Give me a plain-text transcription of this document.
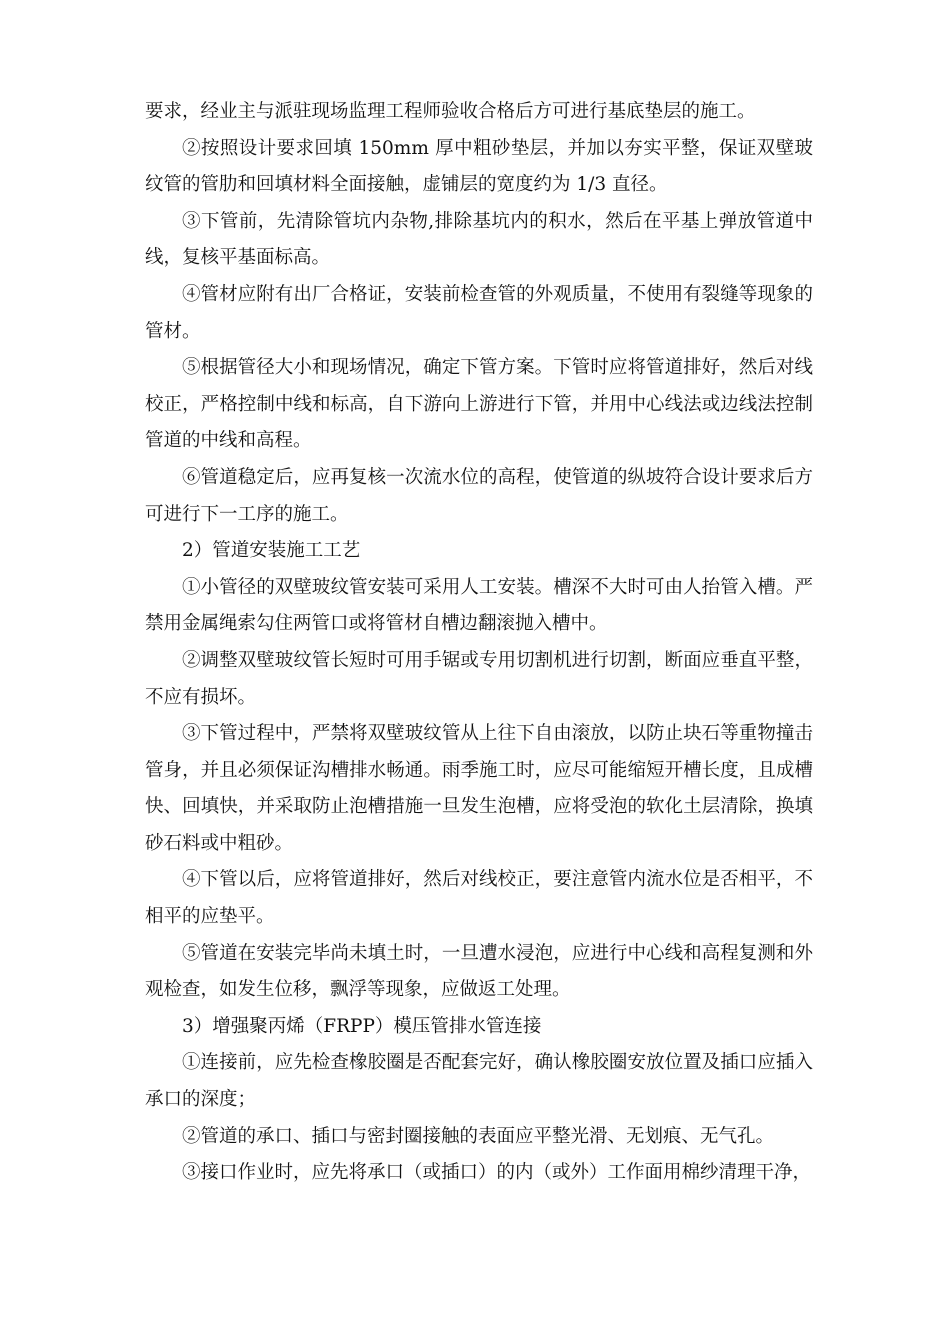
要求，经业主与派驻现场监理工程师验收合格后方可进行基底垫层的施工。

②按照设计要求回填 150mm 厚中粗砂垫层，并加以夯实平整，保证双壁玻纹管的管肋和回填材料全面接触，虚铺层的宽度约为 1/3 直径。

③下管前，先清除管坑内杂物,排除基坑内的积水，然后在平基上弹放管道中线，复核平基面标高。

④管材应附有出厂合格证，安装前检查管的外观质量，不使用有裂缝等现象的管材。

⑤根据管径大小和现场情况，确定下管方案。下管时应将管道排好，然后对线校正，严格控制中线和标高，自下游向上游进行下管，并用中心线法或边线法控制管道的中线和高程。

⑥管道稳定后，应再复核一次流水位的高程，使管道的纵坡符合设计要求后方可进行下一工序的施工。

2）管道安装施工工艺

①小管径的双壁玻纹管安装可采用人工安装。槽深不大时可由人抬管入槽。严禁用金属绳索勾住两管口或将管材自槽边翻滚抛入槽中。

②调整双壁玻纹管长短时可用手锯或专用切割机进行切割，断面应垂直平整，不应有损坏。

③下管过程中，严禁将双壁玻纹管从上往下自由滚放，以防止块石等重物撞击管身，并且必须保证沟槽排水畅通。雨季施工时，应尽可能缩短开槽长度，且成槽快、回填快，并采取防止泡槽措施一旦发生泡槽，应将受泡的软化土层清除，换填砂石料或中粗砂。

④下管以后，应将管道排好，然后对线校正，要注意管内流水位是否相平，不相平的应垫平。

⑤管道在安装完毕尚未填土时，一旦遭水浸泡，应进行中心线和高程复测和外观检查，如发生位移，飘浮等现象，应做返工处理。

3）增强聚丙烯（FRPP）模压管排水管连接

①连接前，应先检查橡胶圈是否配套完好，确认橡胶圈安放位置及插口应插入承口的深度；

②管道的承口、插口与密封圈接触的表面应平整光滑、无划痕、无气孔。

③接口作业时，应先将承口（或插口）的内（或外）工作面用棉纱清理干净，
